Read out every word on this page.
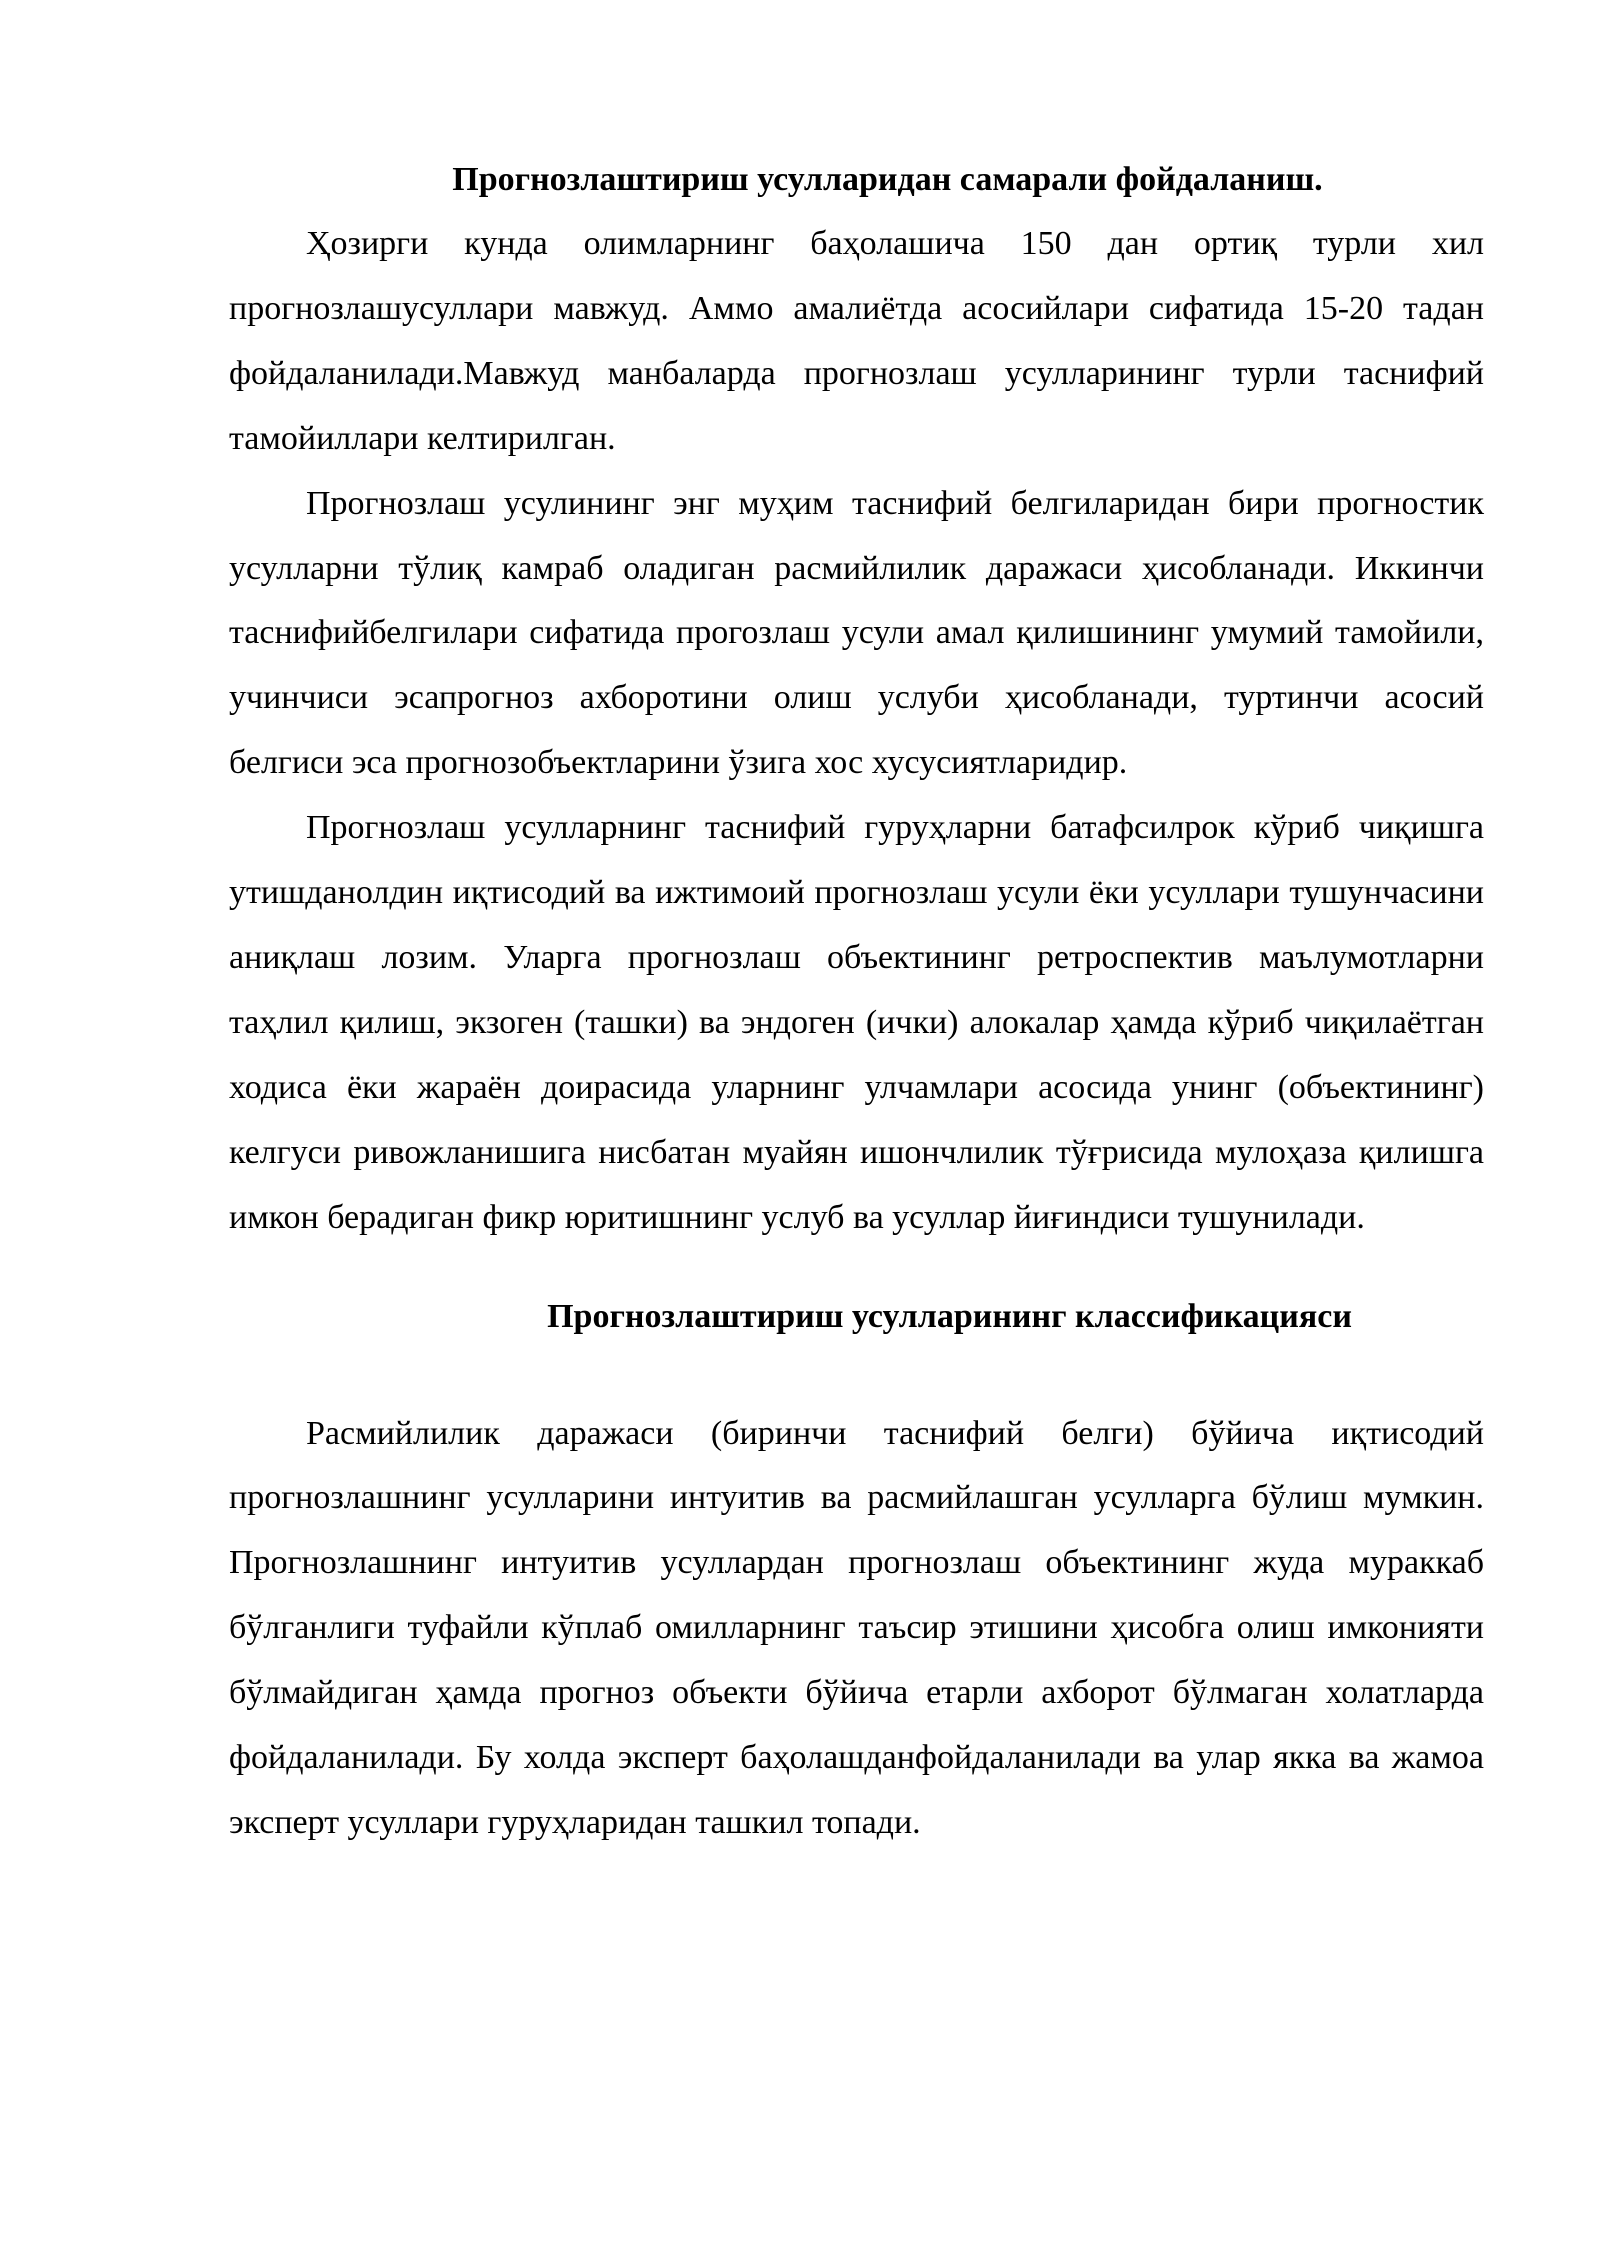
Прогнозлаштириш усулларидан самарали фойдаланиш.

Ҳозирги кунда олимларнинг баҳолашича 150 дан ортиқ турли хил прогнозлашусуллари мавжуд. Аммо амалиётда асосийлари сифатида 15-20 тадан фойдаланилади.Мавжуд манбаларда прогнозлаш усулларининг турли таснифий тамойиллари келтирилган.

Прогнозлаш усулининг энг муҳим таснифий белгиларидан бири прогностик усулларни тўлиқ камраб оладиган расмийлилик даражаси ҳисобланади. Иккинчи таснифийбелгилари сифатида прогозлаш усули амал қилишининг умумий тамойили, учинчиси эсапрогноз ахборотини олиш услуби ҳисобланади, туртинчи асосий белгиси эса прогнозобъектларини ўзига хос хусусиятларидир.

Прогнозлаш усулларнинг таснифий гуруҳларни батафсилрок кўриб чиқишга утишданолдин иқтисодий ва ижтимоий прогнозлаш усули ёки усуллари тушунчасини аниқлаш лозим. Уларга прогнозлаш объектининг ретроспектив маълумотларни таҳлил қилиш, экзоген (ташки) ва эндоген (ички) алокалар ҳамда кўриб чиқилаётган ходиса ёки жараён доирасида уларнинг улчамлари асосида унинг (объектининг) келгуси ривожланишига нисбатан муайян ишончлилик тўғрисида мулоҳаза қилишга имкон берадиган фикр юритишнинг услуб ва усуллар йиғиндиси тушунилади.

Прогнозлаштириш усулларининг классификацияси

Расмийлилик даражаси (биринчи таснифий белги) бўйича иқтисодий прогнозлашнинг усулларини интуитив ва расмийлашган усулларга бўлиш мумкин. Прогнозлашнинг интуитив усуллардан прогнозлаш объектининг жуда мураккаб бўлганлиги туфайли кўплаб омилларнинг таъсир этишини ҳисобга олиш имконияти бўлмайдиган ҳамда прогноз объекти бўйича етарли ахборот бўлмаган холатларда фойдаланилади. Бу холда эксперт баҳолашданфойдаланилади ва улар якка ва жамоа эксперт усуллари гуруҳларидан ташкил топади.
